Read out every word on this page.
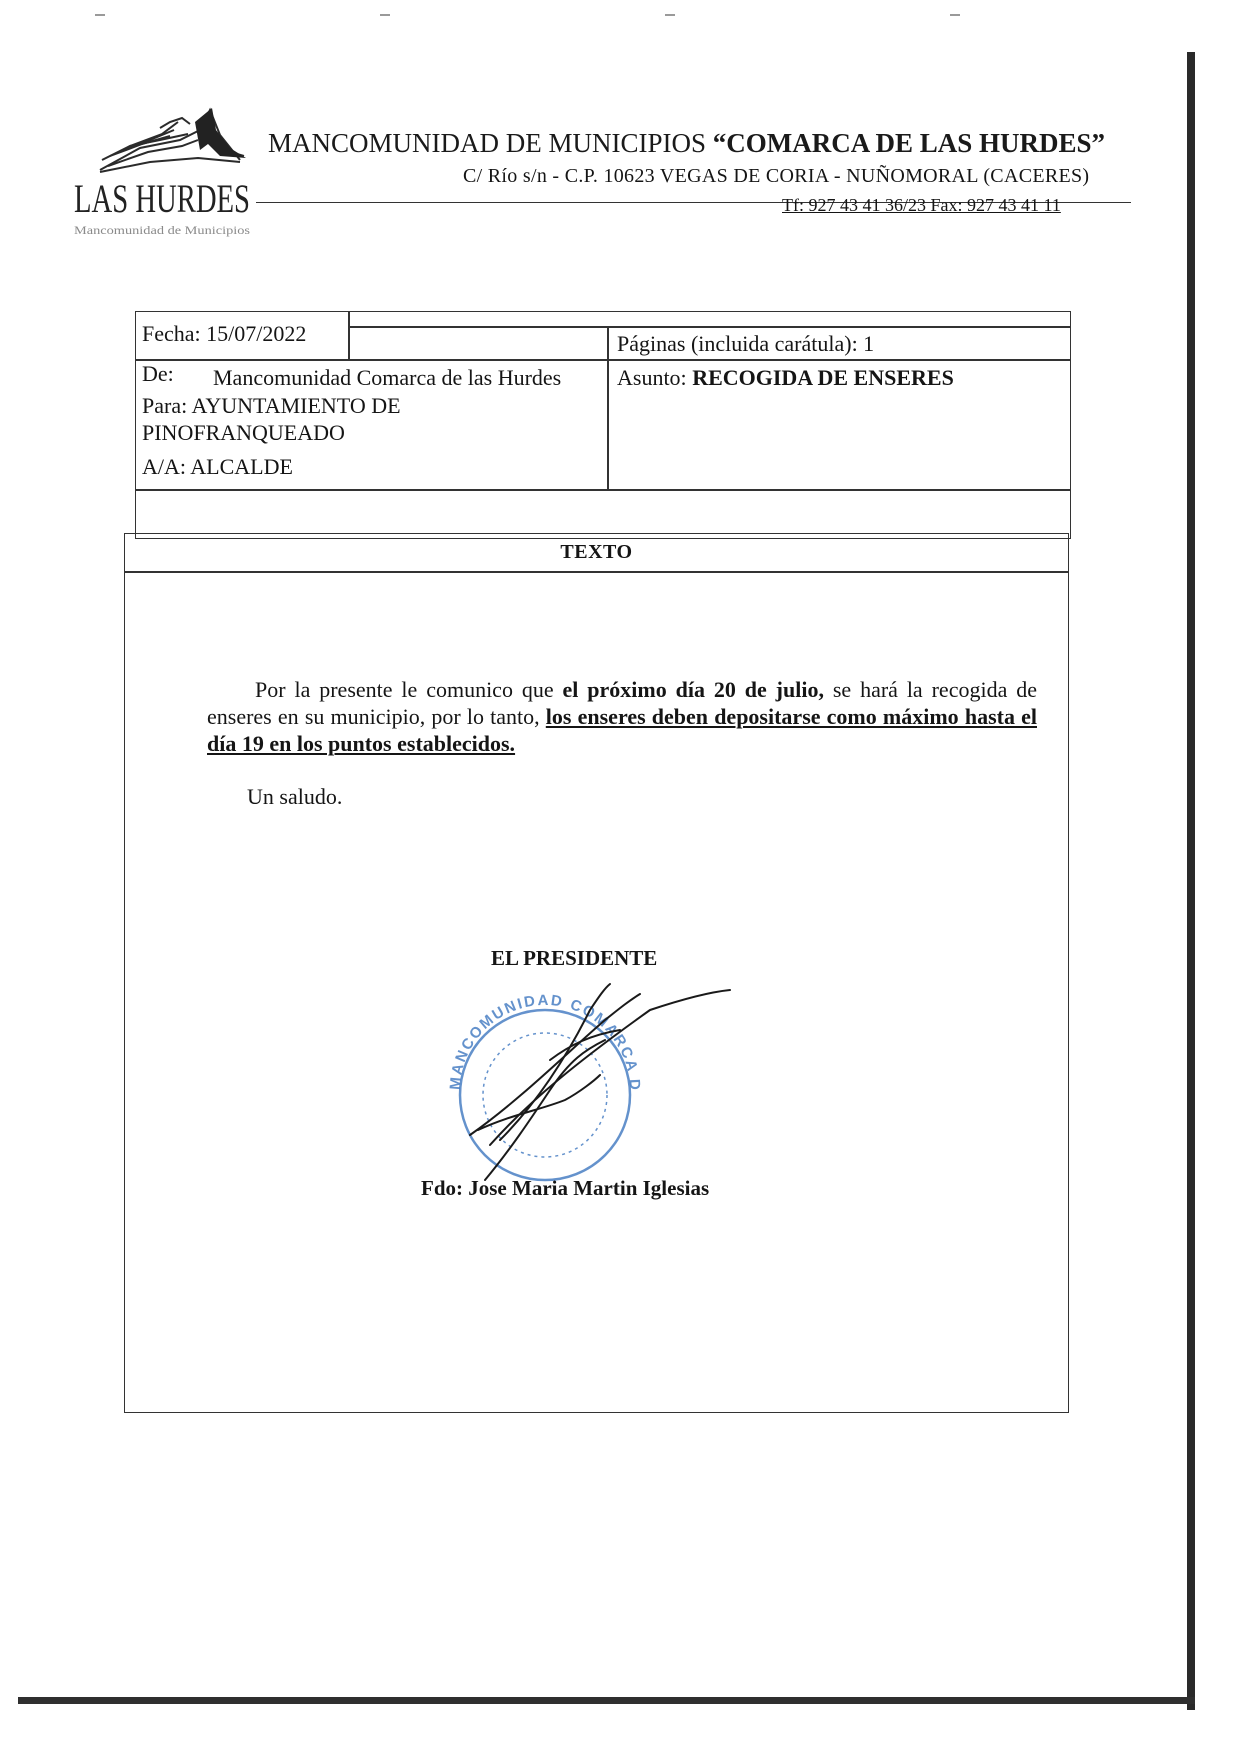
LAS HURDES
Mancomunidad de Municipios
MANCOMUNIDAD DE MUNICIPIOS “COMARCA DE LAS HURDES”
C/ Río s/n - C.P. 10623 VEGAS DE CORIA - NUÑOMORAL (CACERES)
Tf: 927 43 41 36/23 Fax: 927 43 41 11
Fecha: 15/07/2022	Páginas (incluida carátula): 1
De: Mancomunidad Comarca de las Hurdes	Asunto: RECOGIDA DE ENSERES
Para: AYUNTAMIENTO DE
PINOFRANQUEADO
A/A: ALCALDE
TEXTO
Por la presente le comunico que el próximo día 20 de julio, se hará la recogida de enseres en su municipio, por lo tanto, los enseres deben depositarse como máximo hasta el día 19 en los puntos establecidos.
Un saludo.
EL PRESIDENTE
MANCOMUNIDAD COMARCA D
Fdo: Jose Maria Martin Iglesias
